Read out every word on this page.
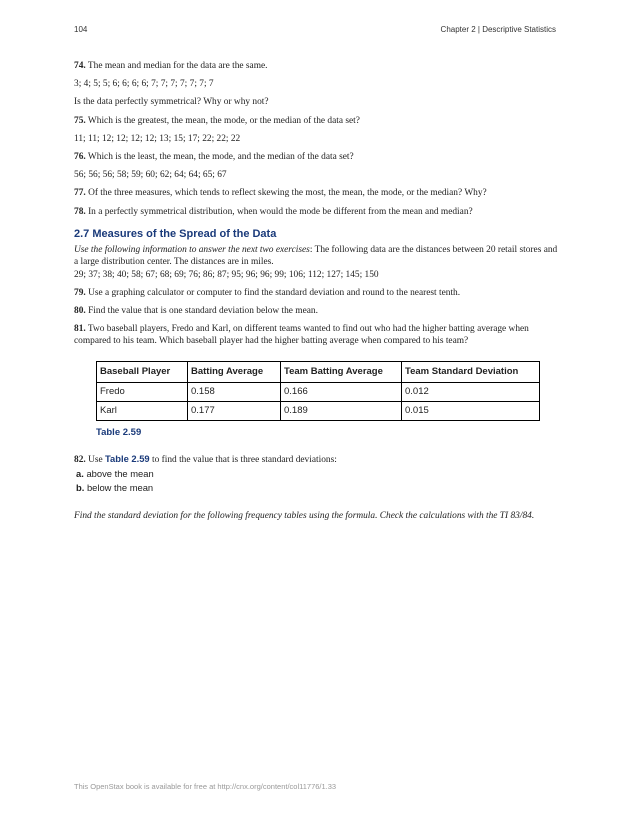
104	Chapter 2 | Descriptive Statistics

74. The mean and median for the data are the same.

3; 4; 5; 5; 6; 6; 6; 6; 7; 7; 7; 7; 7; 7; 7

Is the data perfectly symmetrical? Why or why not?

75. Which is the greatest, the mean, the mode, or the median of the data set?

11; 11; 12; 12; 12; 12; 13; 15; 17; 22; 22; 22

76. Which is the least, the mean, the mode, and the median of the data set?

56; 56; 56; 58; 59; 60; 62; 64; 64; 65; 67

77. Of the three measures, which tends to reflect skewing the most, the mean, the mode, or the median? Why?

78. In a perfectly symmetrical distribution, when would the mode be different from the mean and median?

2.7 Measures of the Spread of the Data

Use the following information to answer the next two exercises: The following data are the distances between 20 retail stores and a large distribution center. The distances are in miles.

29; 37; 38; 40; 58; 67; 68; 69; 76; 86; 87; 95; 96; 96; 99; 106; 112; 127; 145; 150

79. Use a graphing calculator or computer to find the standard deviation and round to the nearest tenth.

80. Find the value that is one standard deviation below the mean.

81. Two baseball players, Fredo and Karl, on different teams wanted to find out who had the higher batting average when compared to his team. Which baseball player had the higher batting average when compared to his team?

Baseball Player	Batting Average	Team Batting Average	Team Standard Deviation
Fredo	0.158	0.166	0.012
Karl	0.177	0.189	0.015
Table 2.59

82. Use Table 2.59 to find the value that is three standard deviations:

a. above the mean
b. below the mean

Find the standard deviation for the following frequency tables using the formula. Check the calculations with the TI 83/84.

This OpenStax book is available for free at http://cnx.org/content/col11776/1.33
